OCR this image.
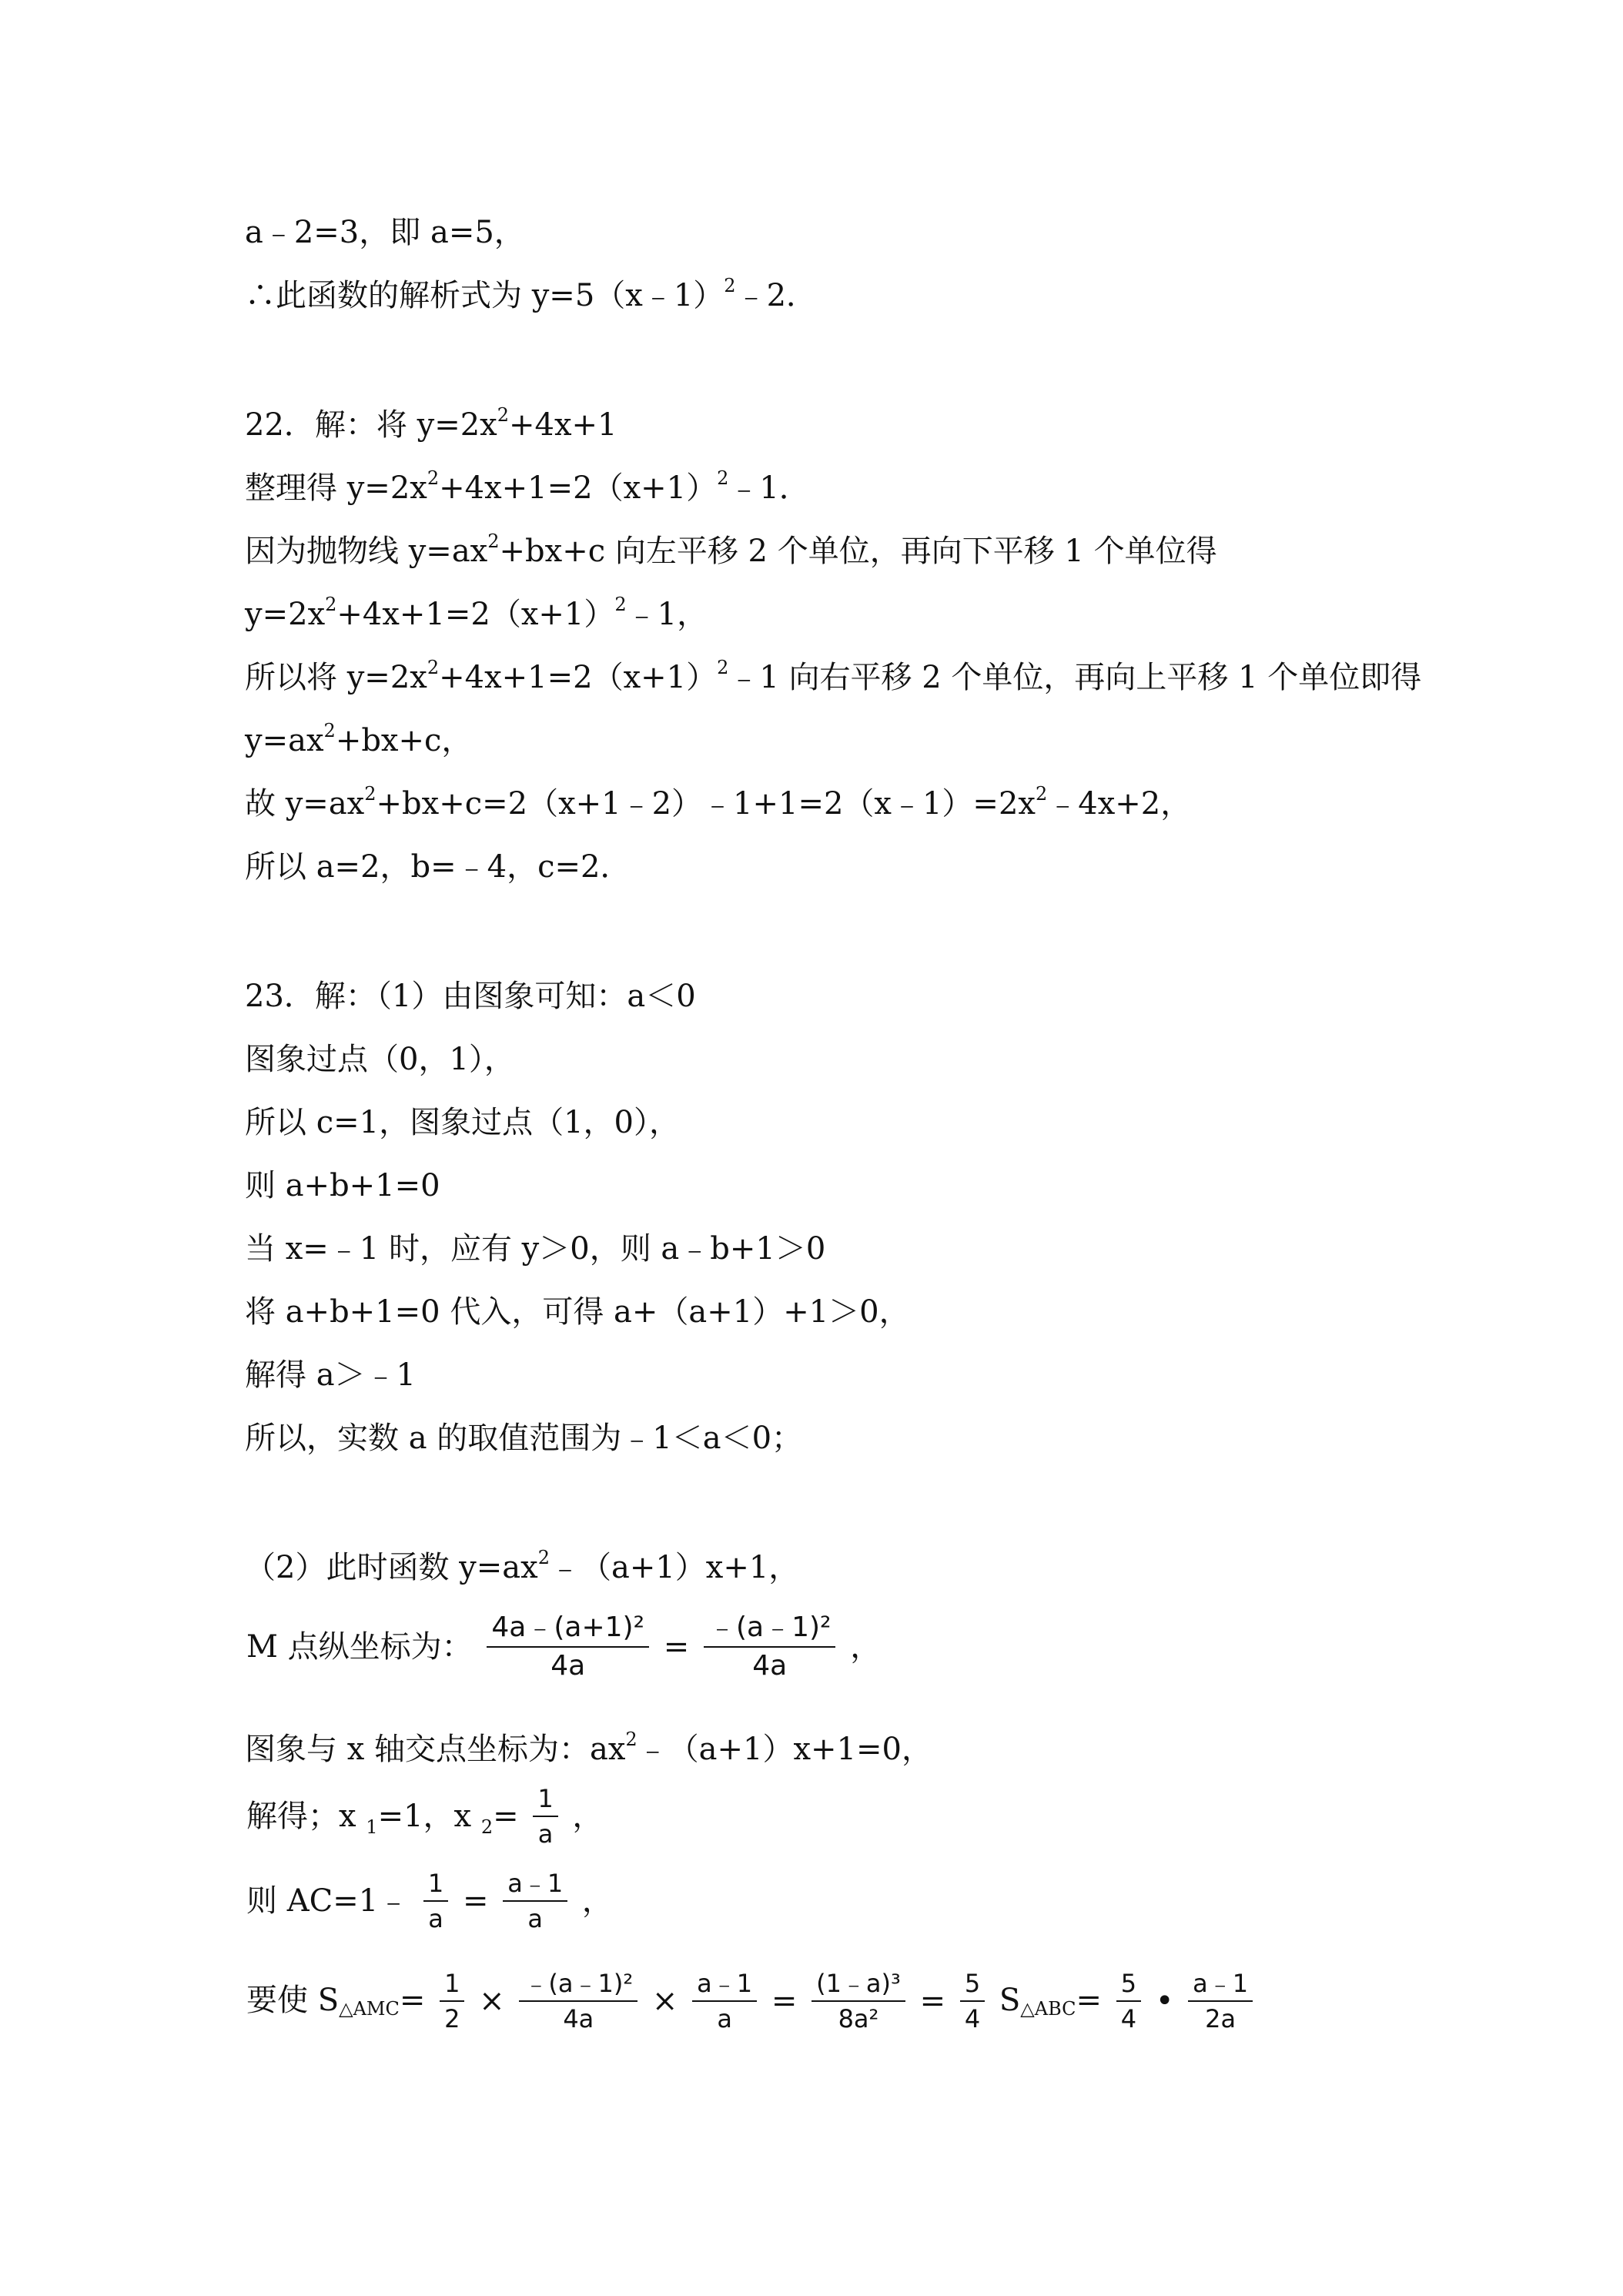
a﹣2=3，即 a=5，
∴此函数的解析式为 y=5（x﹣1）$^2$﹣2．
22．解：将 $y=2x^2+4x+1$
整理得 $y=2x^2+4x+1=2(x+1)^2﹣1$．
因为抛物线 $y=ax^2+bx+c$ 向左平移 2 个单位，再向下平移 1 个单位得
$y=2x^2+4x+1=2(x+1)^2﹣1$，
所以将 $y=2x^2+4x+1=2(x+1)^2﹣1$ 向右平移 2 个单位，再向上平移 1 个单位即得
$y=ax^2+bx+c$，
故 $y=ax^2+bx+c=2(x+1﹣2)﹣1+1=2(x﹣1)=2x^2﹣4x+2$，
所以 a=2，b=﹣4，c=2．
23．解：（1）由图象可知：a＜0
图象过点（0，1），
所以 c=1，图象过点（1，0），
则 a+b+1=0
当 x=﹣1 时，应有 y＞0，则 a﹣b+1＞0
将 a+b+1=0 代入，可得 a+（a+1）+1＞0，
解得 a＞﹣1
所以，实数 a 的取值范围为﹣1＜a＜0；
（2）此时函数 $y=ax^2﹣(a+1)x+1$，
M 点纵坐标为： $\frac{\text{4a﹣(a+1)²}}{4a} = \frac{\text{﹣(a﹣1)²}}{4a}$ ，
图象与 x 轴交点坐标为：$ax^2﹣(a+1)x+1=0$，
解得；x $_1$=1，x $_2= \frac{1}{a}$ ，
则 AC=1﹣ $\frac{1}{a} = \frac{a﹣1}{a}$ ，
要使 S△AMC= $\frac{1}{2} \times \frac{\text{﹣(a﹣1)²}}{4a} \times \frac{a﹣1}{a} = \frac{\text{(1﹣a)³}}{\text{8a²}} = \frac{5}{4}$ S△ABC= $\frac{5}{4}$ • $\frac{a﹣1}{2a}$
